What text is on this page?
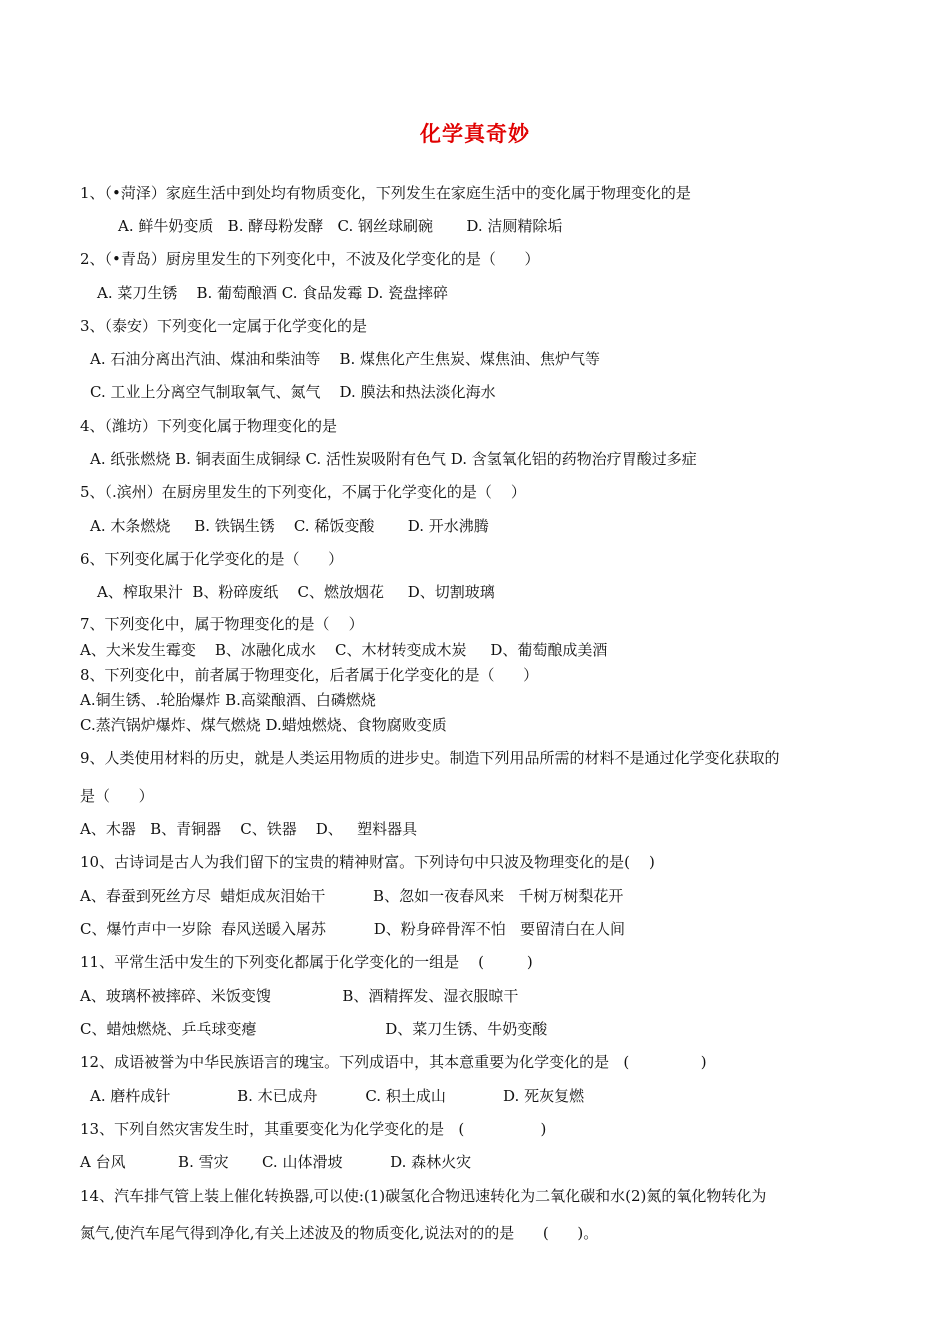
化学真奇妙
1、（•菏泽）家庭生活中到处均有物质变化，下列发生在家庭生活中的变化属于物理变化的是
A. 鲜牛奶变质   B. 酵母粉发酵   C. 钢丝球刷碗       D. 洁厕精除垢
2、（•青岛）厨房里发生的下列变化中，不波及化学变化的是（      ）
A. 菜刀生锈    B. 葡萄酿酒 C. 食品发霉 D. 瓷盘摔碎
3、（泰安）下列变化一定属于化学变化的是
A. 石油分离出汽油、煤油和柴油等    B. 煤焦化产生焦炭、煤焦油、焦炉气等
C. 工业上分离空气制取氧气、氮气    D. 膜法和热法淡化海水
4、（潍坊）下列变化属于物理变化的是
A. 纸张燃烧 B. 铜表面生成铜绿 C. 活性炭吸附有色气 D. 含氢氧化铝的药物治疗胃酸过多症
5、（.滨州）在厨房里发生的下列变化，不属于化学变化的是（    ）
A. 木条燃烧     B. 铁锅生锈    C. 稀饭变酸       D. 开水沸腾
6、下列变化属于化学变化的是（      ）
A、榨取果汁  B、粉碎废纸    C、燃放烟花     D、切割玻璃
7、下列变化中，属于物理变化的是（    ）
A、大米发生霉变    B、冰融化成水    C、木材转变成木炭     D、葡萄酿成美酒
8、下列变化中，前者属于物理变化，后者属于化学变化的是（      ）
A.铜生锈、.轮胎爆炸 B.高粱酿酒、白磷燃烧
C.蒸汽锅炉爆炸、煤气燃烧 D.蜡烛燃烧、食物腐败变质
9、人类使用材料的历史，就是人类运用物质的进步史。制造下列用品所需的材料不是通过化学变化获取的
是（      ）
A、木器   B、青铜器    C、铁器    D、   塑料器具
10、古诗词是古人为我们留下的宝贵的精神财富。下列诗句中只波及物理变化的是(    )
A、春蚕到死丝方尽  蜡炬成灰泪始干          B、忽如一夜春风来   千树万树梨花开
C、爆竹声中一岁除  春风送暖入屠苏          D、粉身碎骨浑不怕   要留清白在人间
11、平常生活中发生的下列变化都属于化学变化的一组是    (         )
A、玻璃杯被摔碎、米饭变馊               B、酒精挥发、湿衣服晾干
C、蜡烛燃烧、乒乓球变瘪                           D、菜刀生锈、牛奶变酸
12、成语被誉为中华民族语言的瑰宝。下列成语中，其本意重要为化学变化的是   (               )
A. 磨杵成针              B. 木已成舟          C. 积土成山            D. 死灰复燃
13、下列自然灾害发生时，其重要变化为化学变化的是   (                )
A 台风           B. 雪灾       C. 山体滑坡          D. 森林火灾
14、汽车排气管上装上催化转换器,可以使:(1)碳氢化合物迅速转化为二氧化碳和水(2)氮的氧化物转化为
氮气,使汽车尾气得到净化,有关上述波及的物质变化,说法对的的是      (      )。
